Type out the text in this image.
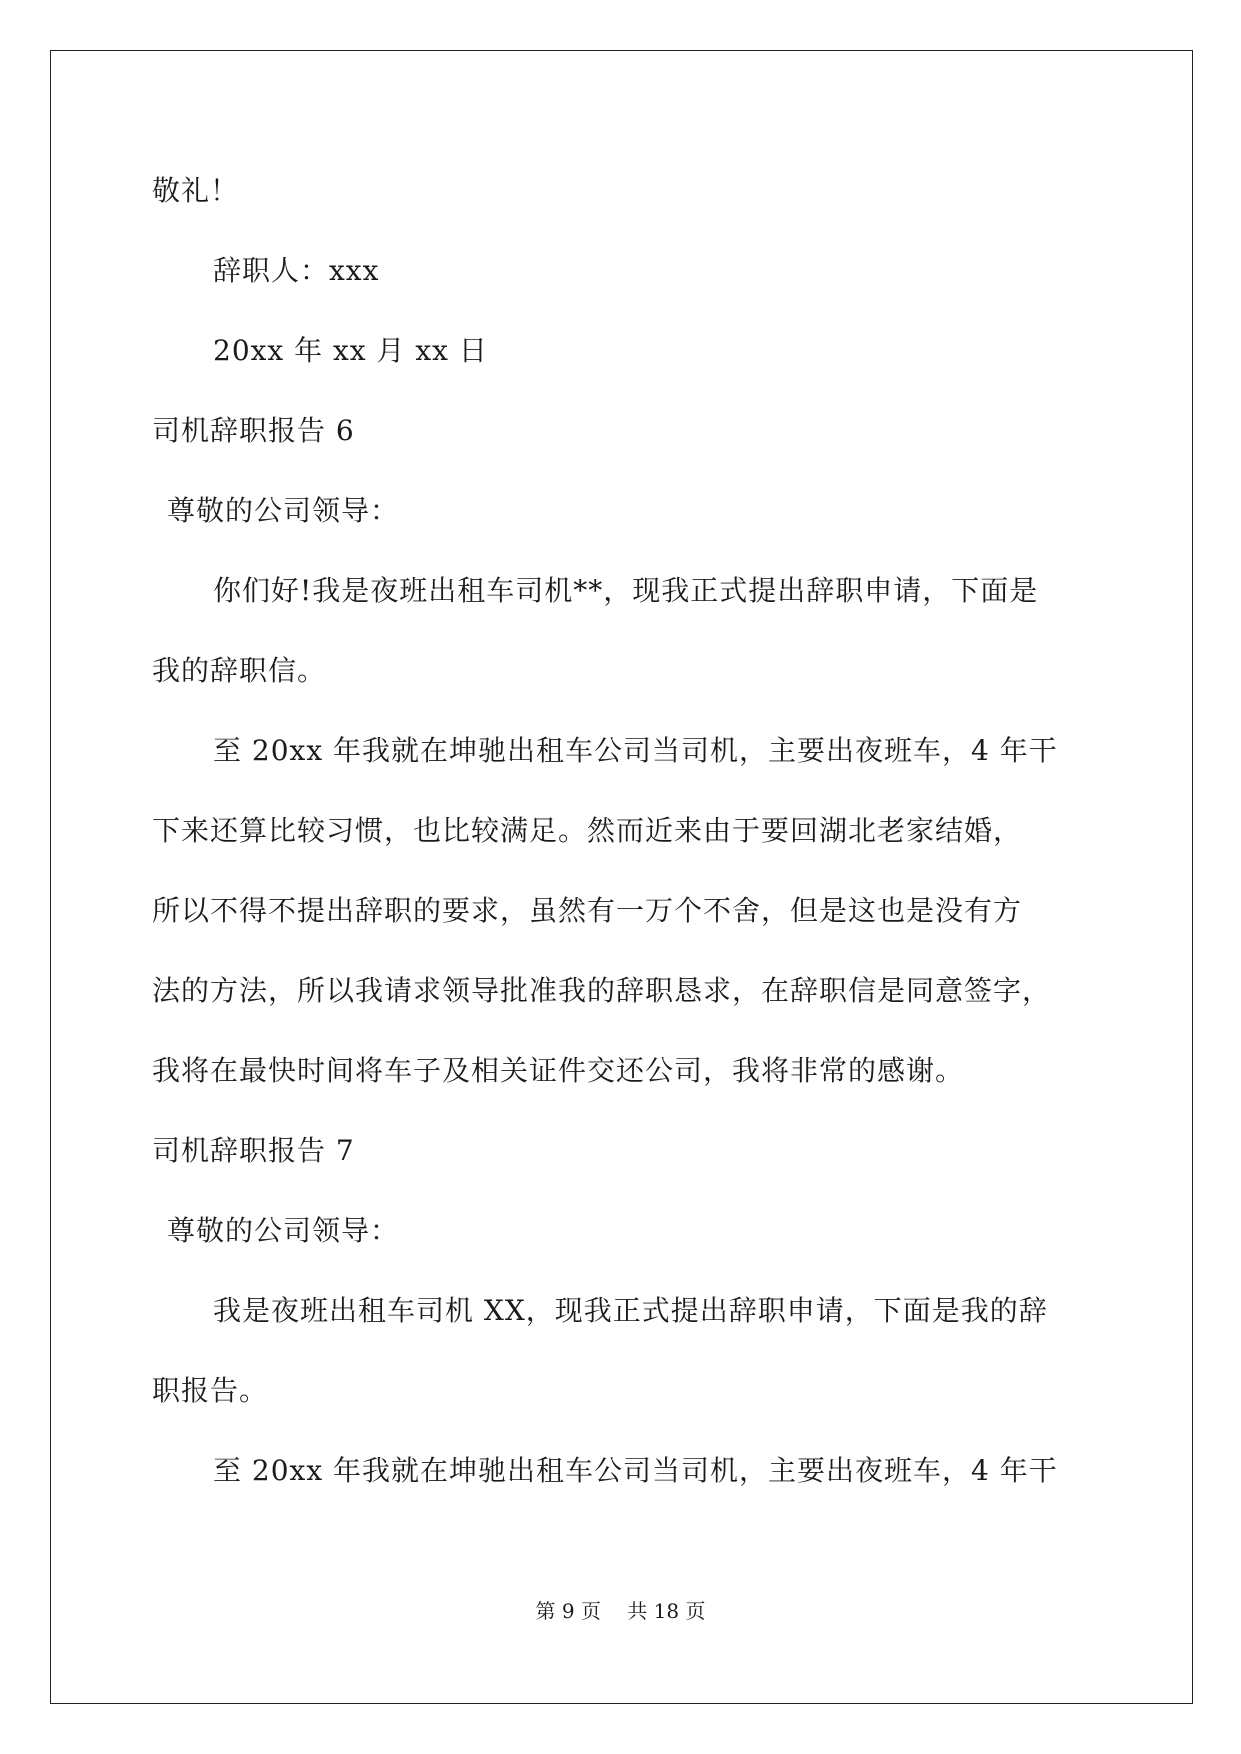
敬礼！
辞职人：xxx
20xx 年 xx 月 xx 日
司机辞职报告 6
尊敬的公司领导：
你们好!我是夜班出租车司机**，现我正式提出辞职申请，下面是
我的辞职信。
至 20xx 年我就在坤驰出租车公司当司机，主要出夜班车，4 年干
下来还算比较习惯，也比较满足。然而近来由于要回湖北老家结婚，
所以不得不提出辞职的要求，虽然有一万个不舍，但是这也是没有方
法的方法，所以我请求领导批准我的辞职恳求，在辞职信是同意签字，
我将在最快时间将车子及相关证件交还公司，我将非常的感谢。
司机辞职报告 7
尊敬的公司领导：
我是夜班出租车司机 XX，现我正式提出辞职申请，下面是我的辞
职报告。
至 20xx 年我就在坤驰出租车公司当司机，主要出夜班车，4 年干
第 9 页　 共 18 页
